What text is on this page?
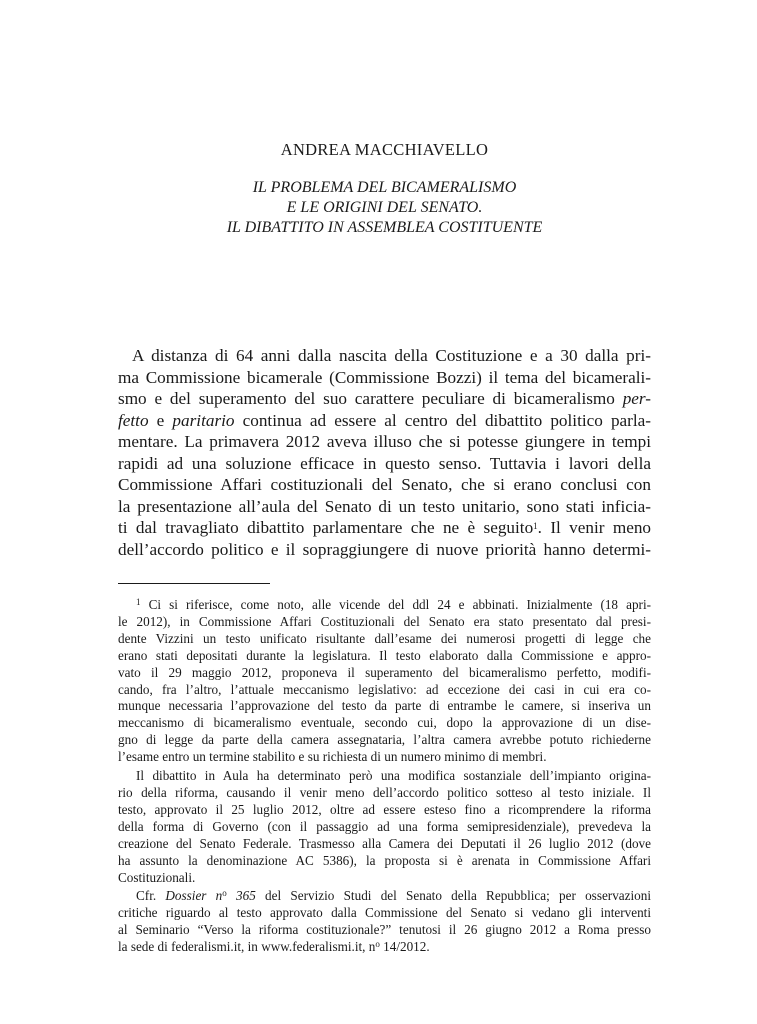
ANDREA MACCHIAVELLO
IL PROBLEMA DEL BICAMERALISMO
E LE ORIGINI DEL SENATO.
IL DIBATTITO IN ASSEMBLEA COSTITUENTE
A distanza di 64 anni dalla nascita della Costituzione e a 30 dalla pri-
ma Commissione bicamerale (Commissione Bozzi) il tema del bicamerali-
smo e del superamento del suo carattere peculiare di bicameralismo per-
fetto e paritario continua ad essere al centro del dibattito politico parla-
mentare. La primavera 2012 aveva illuso che si potesse giungere in tempi
rapidi ad una soluzione efficace in questo senso. Tuttavia i lavori della
Commissione Affari costituzionali del Senato, che si erano conclusi con
la presentazione all’aula del Senato di un testo unitario, sono stati inficia-
ti dal travagliato dibattito parlamentare che ne è seguito$^1$. Il venir meno
dell’accordo politico e il sopraggiungere di nuove priorità hanno determi-
$^1$ Ci si riferisce, come noto, alle vicende del ddl 24 e abbinati. Inizialmente (18 apri-
le 2012), in Commissione Affari Costituzionali del Senato era stato presentato dal presi-
dente Vizzini un testo unificato risultante dall’esame dei numerosi progetti di legge che
erano stati depositati durante la legislatura. Il testo elaborato dalla Commissione e appro-
vato il 29 maggio 2012, proponeva il superamento del bicameralismo perfetto, modifi-
cando, fra l’altro, l’attuale meccanismo legislativo: ad eccezione dei casi in cui era co-
munque necessaria l’approvazione del testo da parte di entrambe le camere, si inseriva un
meccanismo di bicameralismo eventuale, secondo cui, dopo la approvazione di un dise-
gno di legge da parte della camera assegnataria, l’altra camera avrebbe potuto richiederne
l’esame entro un termine stabilito e su richiesta di un numero minimo di membri.
Il dibattito in Aula ha determinato però una modifica sostanziale dell’impianto origina-
rio della riforma, causando il venir meno dell’accordo politico sotteso al testo iniziale. Il
testo, approvato il 25 luglio 2012, oltre ad essere esteso fino a ricomprendere la riforma
della forma di Governo (con il passaggio ad una forma semipresidenziale), prevedeva la
creazione del Senato Federale. Trasmesso alla Camera dei Deputati il 26 luglio 2012 (dove
ha assunto la denominazione AC 5386), la proposta si è arenata in Commissione Affari
Costituzionali.
Cfr. Dossier $n^o$ 365 del Servizio Studi del Senato della Repubblica; per osservazioni
critiche riguardo al testo approvato dalla Commissione del Senato si vedano gli interventi
al Seminario “Verso la riforma costituzionale?” tenutosi il 26 giugno 2012 a Roma presso
la sede di federalismi.it, in www.federalismi.it, $n^o$ 14/2012.
